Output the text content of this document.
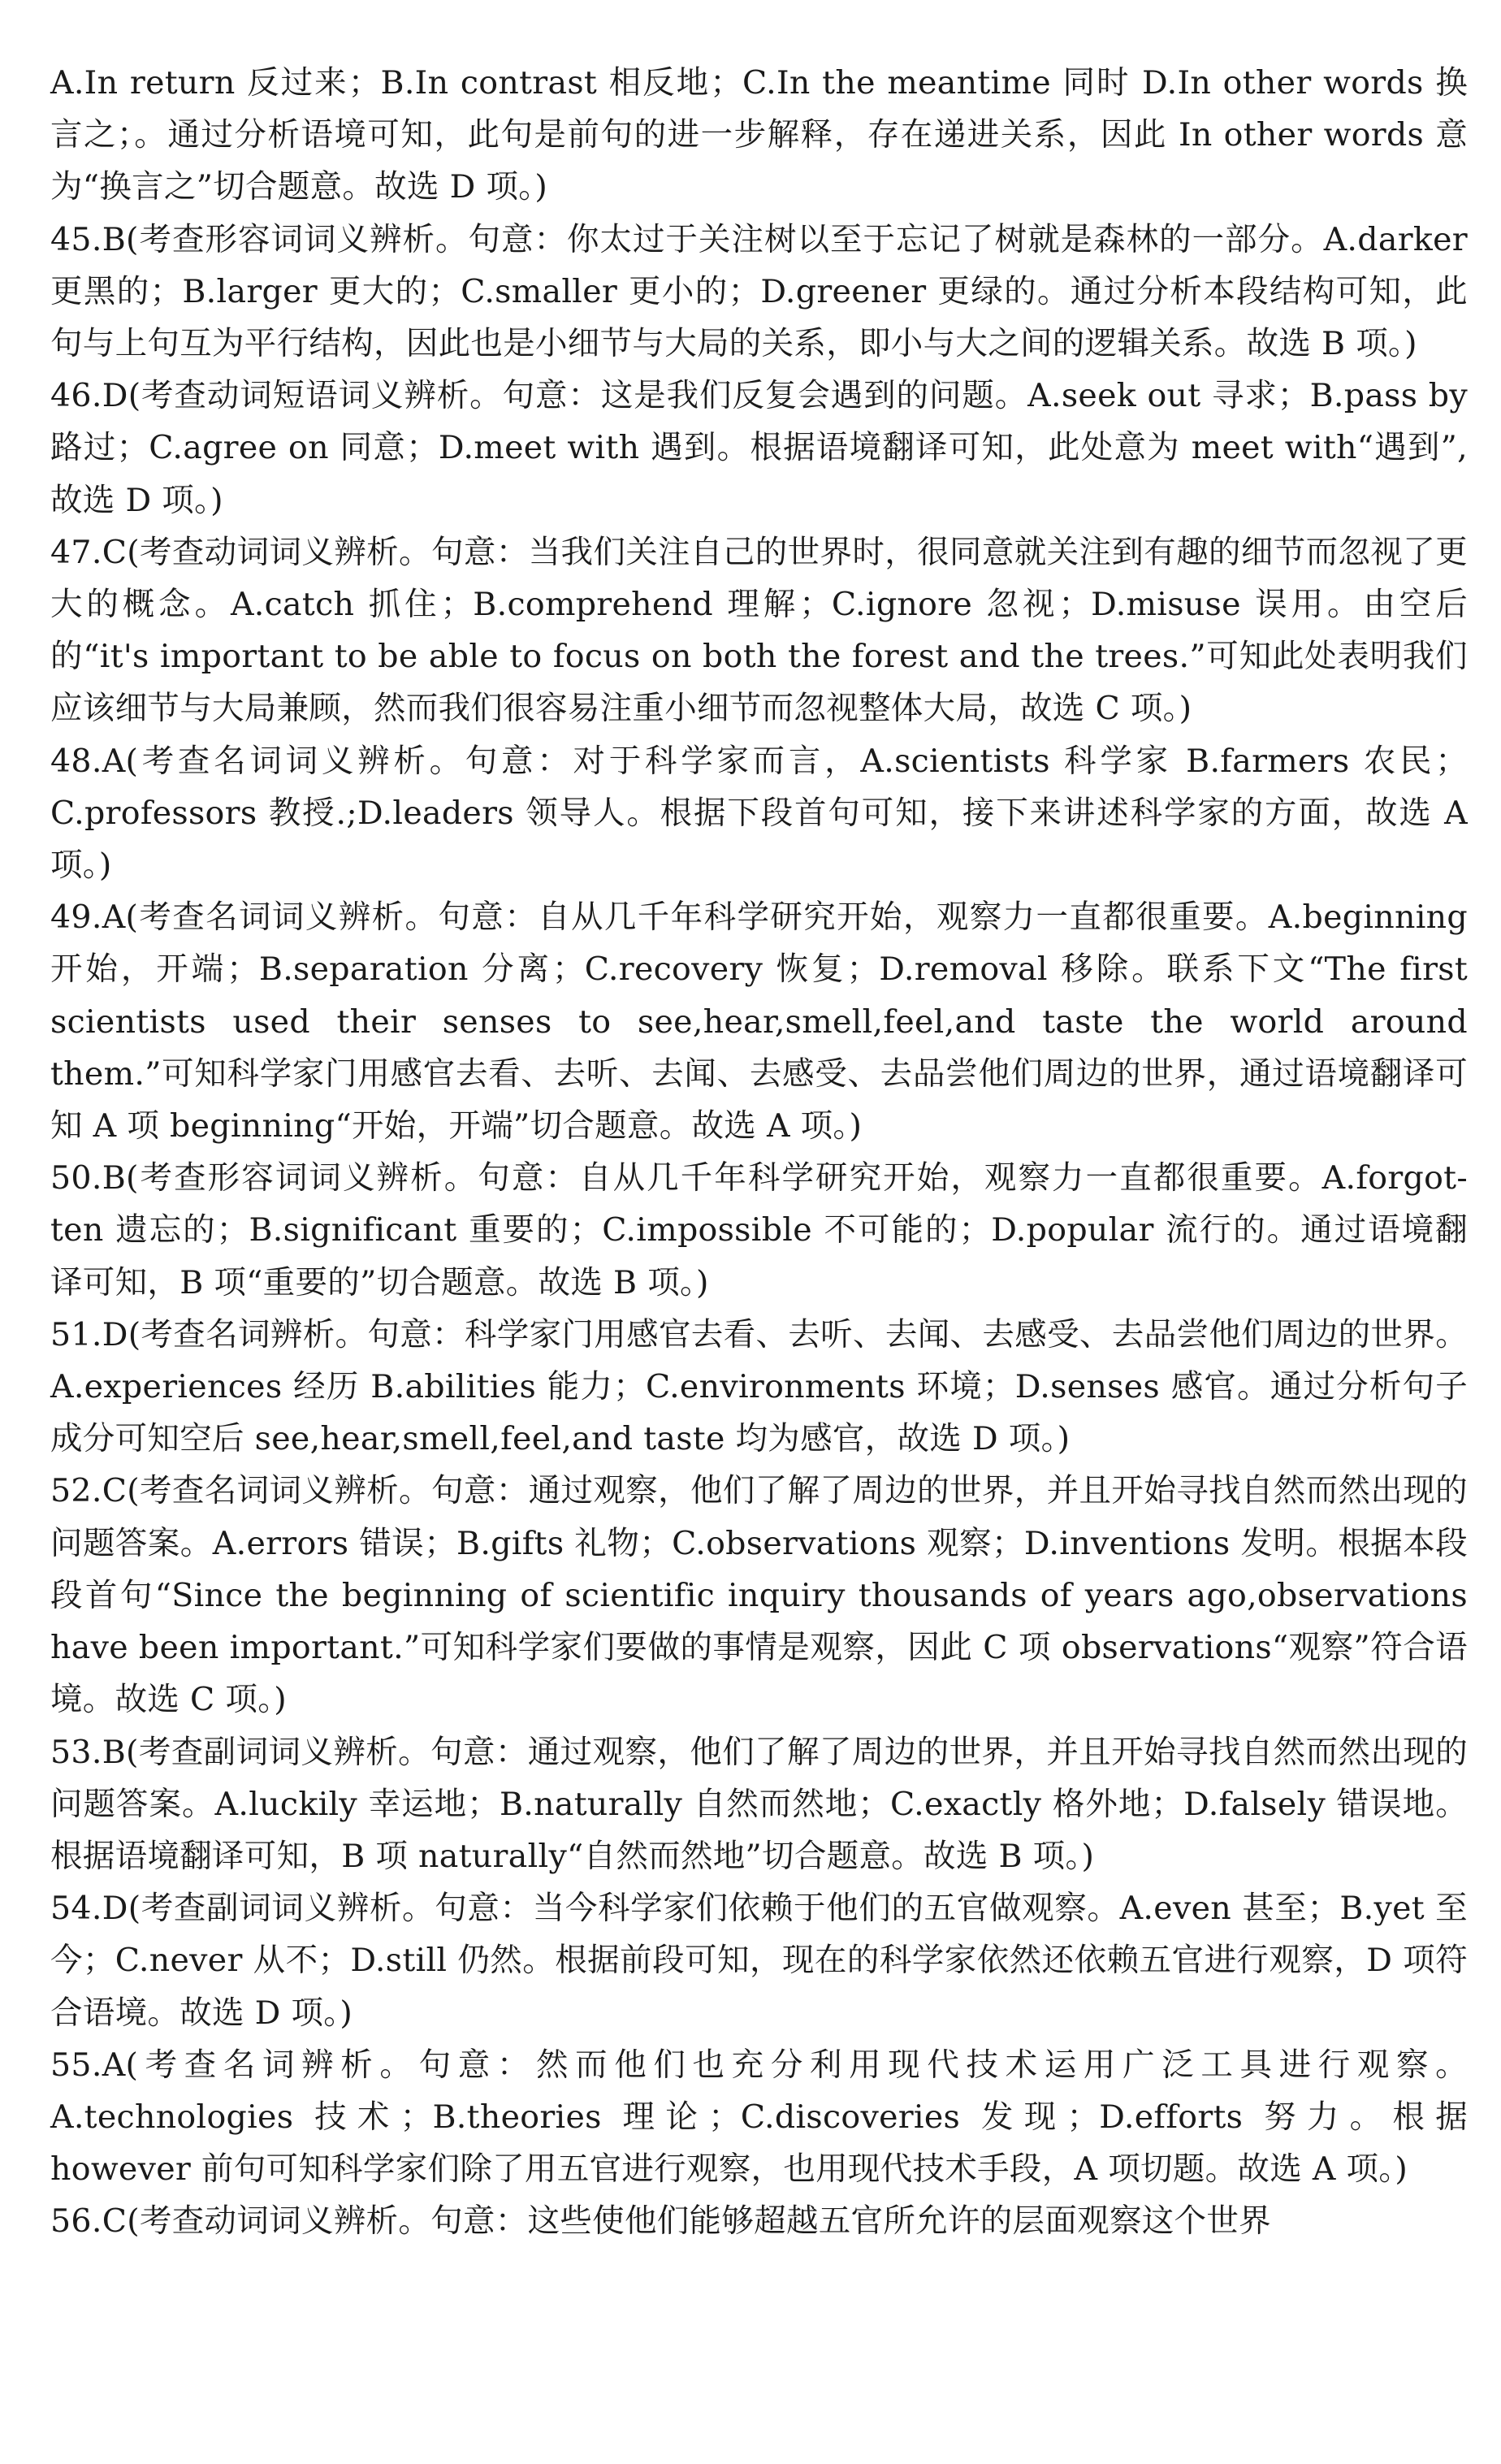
A.In return 反过来；B.In contrast 相反地；C.In the meantime 同时 D.In other words 换言之；。通过分析语境可知，此句是前句的进一步解释，存在递进关系，因此 In other words 意为“换言之”切合题意。故选 D 项。)

45.B(考查形容词词义辨析。句意：你太过于关注树以至于忘记了树就是森林的一部分。A.darker 更黑的；B.larger 更大的；C.smaller 更小的；D.greener 更绿的。通过分析本段结构可知，此句与上句互为平行结构，因此也是小细节与大局的关系，即小与大之间的逻辑关系。故选 B 项。)

46.D(考查动词短语词义辨析。句意：这是我们反复会遇到的问题。A.seek out 寻求；B.pass by 路过；C.agree on 同意；D.meet with 遇到。根据语境翻译可知，此处意为 meet with“遇到”,故选 D 项。)

47.C(考查动词词义辨析。句意：当我们关注自己的世界时，很同意就关注到有趣的细节而忽视了更大的概念。A.catch 抓住；B.comprehend 理解；C.ignore 忽视；D.misuse 误用。由空后的“it's important to be able to focus on both the forest and the trees.”可知此处表明我们应该细节与大局兼顾，然而我们很容易注重小细节而忽视整体大局，故选 C 项。)

48.A(考查名词词义辨析。句意：对于科学家而言，A.scientists 科学家 B.farmers 农民；C.professors 教授.;D.leaders 领导人。根据下段首句可知，接下来讲述科学家的方面，故选 A 项。)

49.A(考查名词词义辨析。句意：自从几千年科学研究开始，观察力一直都很重要。A.beginning 开始，开端；B.separation 分离；C.recovery 恢复；D.removal 移除。联系下文“The first scientists used their senses to see,hear,smell,feel,and taste the world around them.”可知科学家门用感官去看、去听、去闻、去感受、去品尝他们周边的世界，通过语境翻译可知 A 项 beginning“开始，开端”切合题意。故选 A 项。)

50.B(考查形容词词义辨析。句意：自从几千年科学研究开始，观察力一直都很重要。A.forgot-ten 遗忘的；B.significant 重要的；C.impossible 不可能的；D.popular 流行的。通过语境翻译可知，B 项“重要的”切合题意。故选 B 项。)

51.D(考查名词辨析。句意：科学家门用感官去看、去听、去闻、去感受、去品尝他们周边的世界。A.experiences 经历 B.abilities 能力；C.environments 环境；D.senses 感官。通过分析句子成分可知空后 see,hear,smell,feel,and taste 均为感官，故选 D 项。)

52.C(考查名词词义辨析。句意：通过观察，他们了解了周边的世界，并且开始寻找自然而然出现的问题答案。A.errors 错误；B.gifts 礼物；C.observations 观察；D.inventions 发明。根据本段段首句“Since the beginning of scientific inquiry thousands of years ago,observations have been important.”可知科学家们要做的事情是观察，因此 C 项 observations“观察”符合语境。故选 C 项。)

53.B(考查副词词义辨析。句意：通过观察，他们了解了周边的世界，并且开始寻找自然而然出现的问题答案。A.luckily 幸运地；B.naturally 自然而然地；C.exactly 格外地；D.falsely 错误地。根据语境翻译可知，B 项 naturally“自然而然地”切合题意。故选 B 项。)

54.D(考查副词词义辨析。句意：当今科学家们依赖于他们的五官做观察。A.even 甚至；B.yet 至今；C.never 从不；D.still 仍然。根据前段可知，现在的科学家依然还依赖五官进行观察，D 项符合语境。故选 D 项。)

55.A(考查名词辨析。句意：然而他们也充分利用现代技术运用广泛工具进行观察。A.technologies 技术；B.theories 理论；C.discoveries 发现；D.efforts 努力。根据 however 前句可知科学家们除了用五官进行观察，也用现代技术手段，A 项切题。故选 A 项。)

56.C(考查动词词义辨析。句意：这些使他们能够超越五官所允许的层面观察这个世界
